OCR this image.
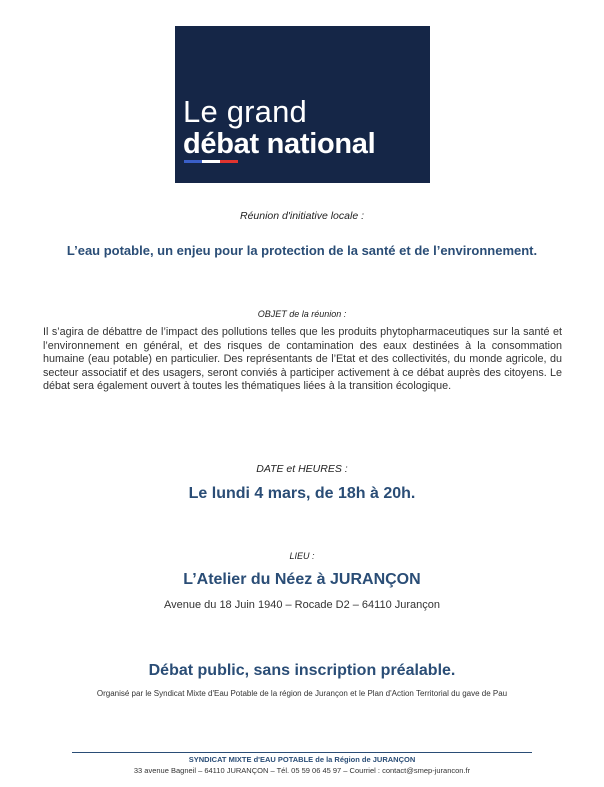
Le grand
débat national
Réunion d'initiative locale :
L’eau potable, un enjeu pour la protection de la santé et de l’environnement.
OBJET de la réunion :
Il s’agira de débattre de l’impact des pollutions telles que les produits phytopharmaceutiques sur la santé et l’environnement en général, et des risques de contamination des eaux destinées à la consommation humaine (eau potable) en particulier. Des représentants de l’Etat et des collectivités, du monde agricole, du secteur associatif et des usagers, seront conviés à participer activement à ce débat auprès des citoyens. Le débat sera également ouvert à toutes les thématiques liées à la transition écologique.
DATE et HEURES :
Le lundi 4 mars, de 18h à 20h.
LIEU :
L’Atelier du Néez à JURANÇON
Avenue du 18 Juin 1940 – Rocade D2 – 64110 Jurançon
Débat public, sans inscription préalable.
Organisé par le Syndicat Mixte d'Eau Potable de la région de Jurançon et le Plan d'Action Territorial du gave de Pau
SYNDICAT MIXTE d'EAU POTABLE de la Région de JURANÇON
33 avenue Bagneil – 64110 JURANÇON – Tél. 05 59 06 45 97 – Courriel : contact@smep-jurancon.fr
